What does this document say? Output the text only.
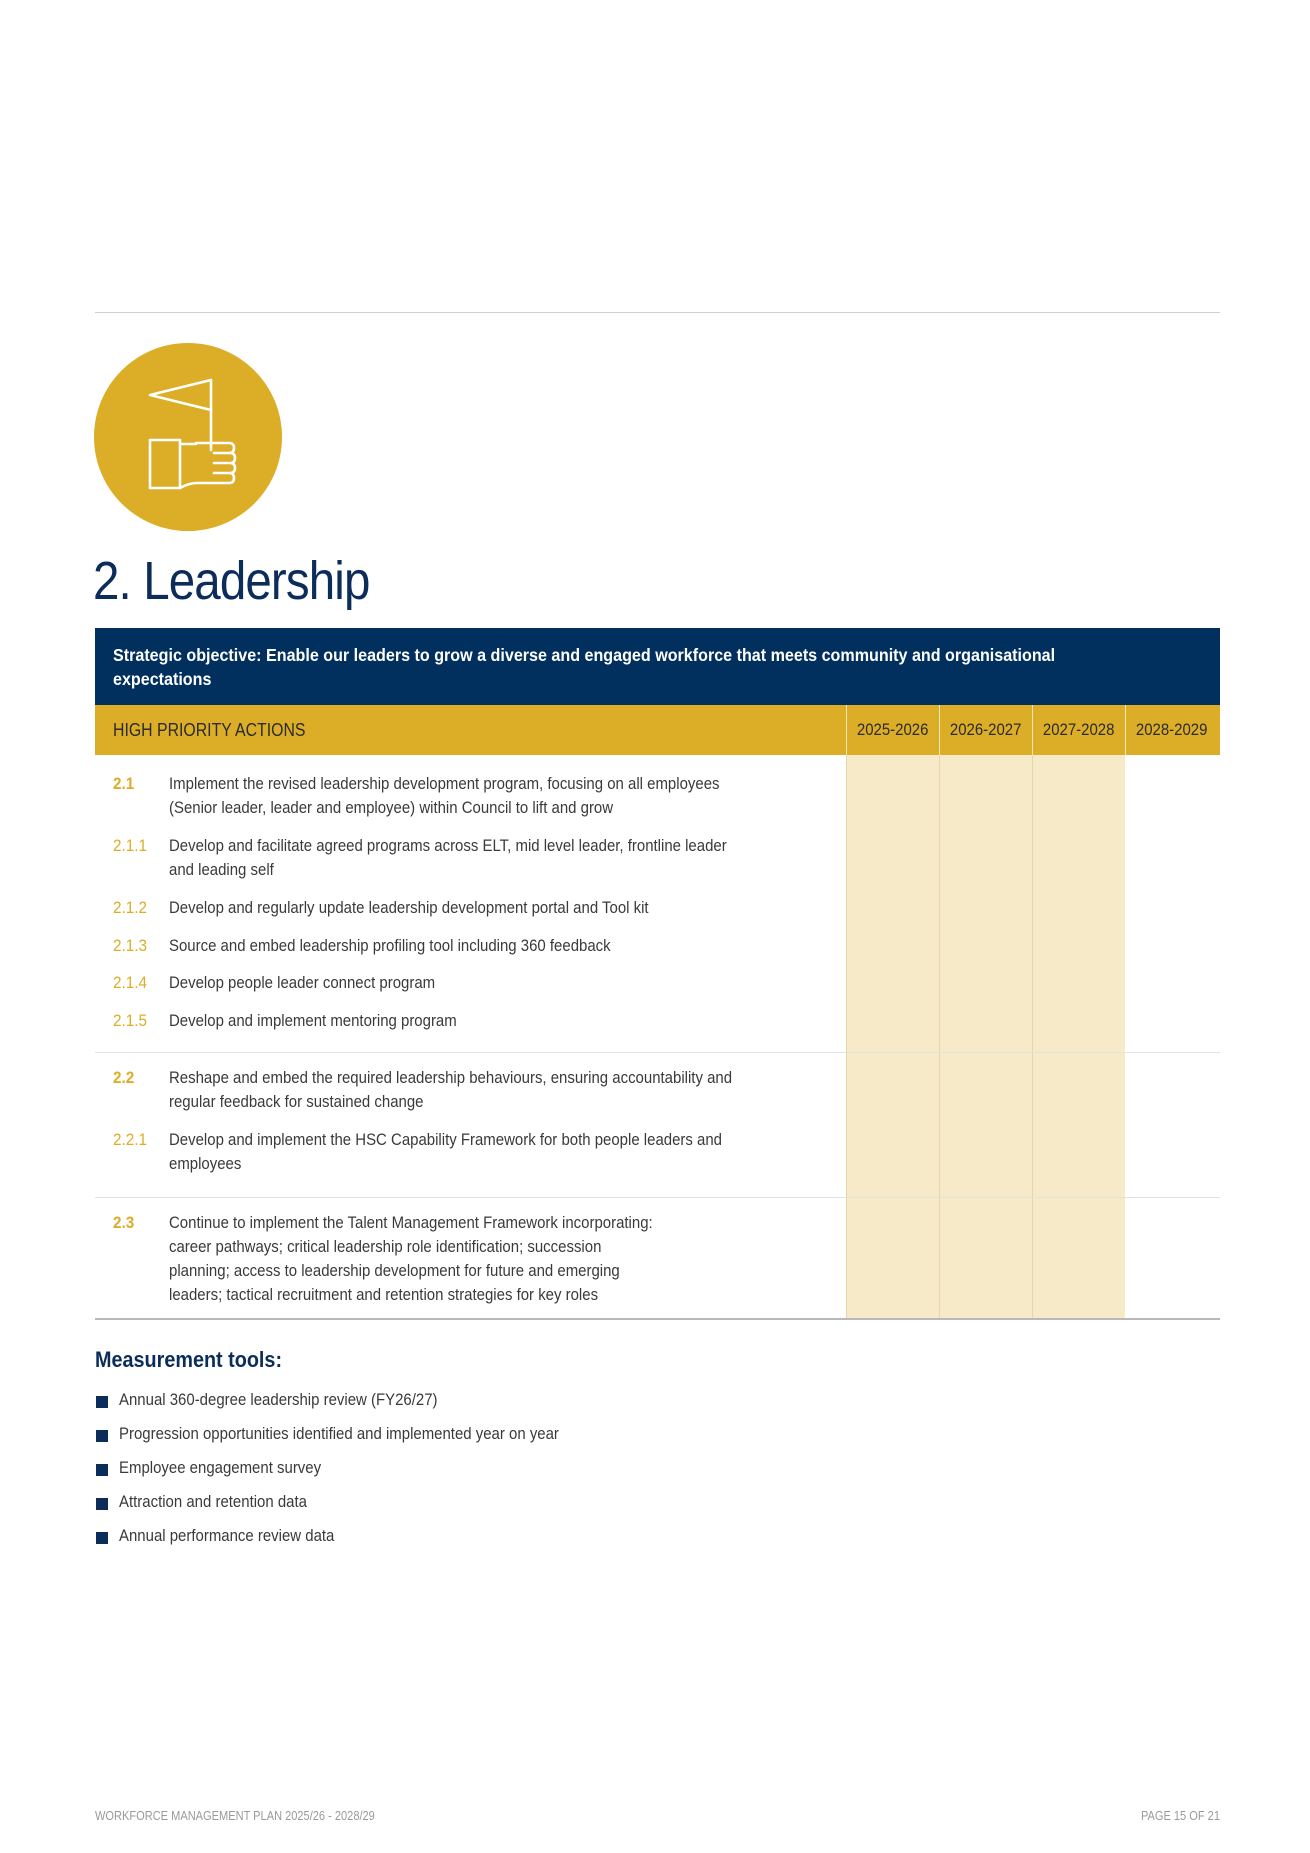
2. Leadership
Strategic objective: Enable our leaders to grow a diverse and engaged workforce that meets community and organisational expectations
HIGH PRIORITY ACTIONS	2025-2026	2026-2027	2027-2028	2028-2029
2.1 Implement the revised leadership development program, focusing on all employees (Senior leader, leader and employee) within Council to lift and grow
2.1.1 Develop and facilitate agreed programs across ELT, mid level leader, frontline leader and leading self
2.1.2 Develop and regularly update leadership development portal and Tool kit
2.1.3 Source and embed leadership profiling tool including 360 feedback
2.1.4 Develop people leader connect program
2.1.5 Develop and implement mentoring program
2.2 Reshape and embed the required leadership behaviours, ensuring accountability and regular feedback for sustained change
2.2.1 Develop and implement the HSC Capability Framework for both people leaders and employees
2.3 Continue to implement the Talent Management Framework incorporating: career pathways; critical leadership role identification; succession planning; access to leadership development for future and emerging leaders; tactical recruitment and retention strategies for key roles
Measurement tools:
Annual 360-degree leadership review (FY26/27)
Progression opportunities identified and implemented year on year
Employee engagement survey
Attraction and retention data
Annual performance review data
WORKFORCE MANAGEMENT PLAN 2025/26 - 2028/29	PAGE 15 OF 21
